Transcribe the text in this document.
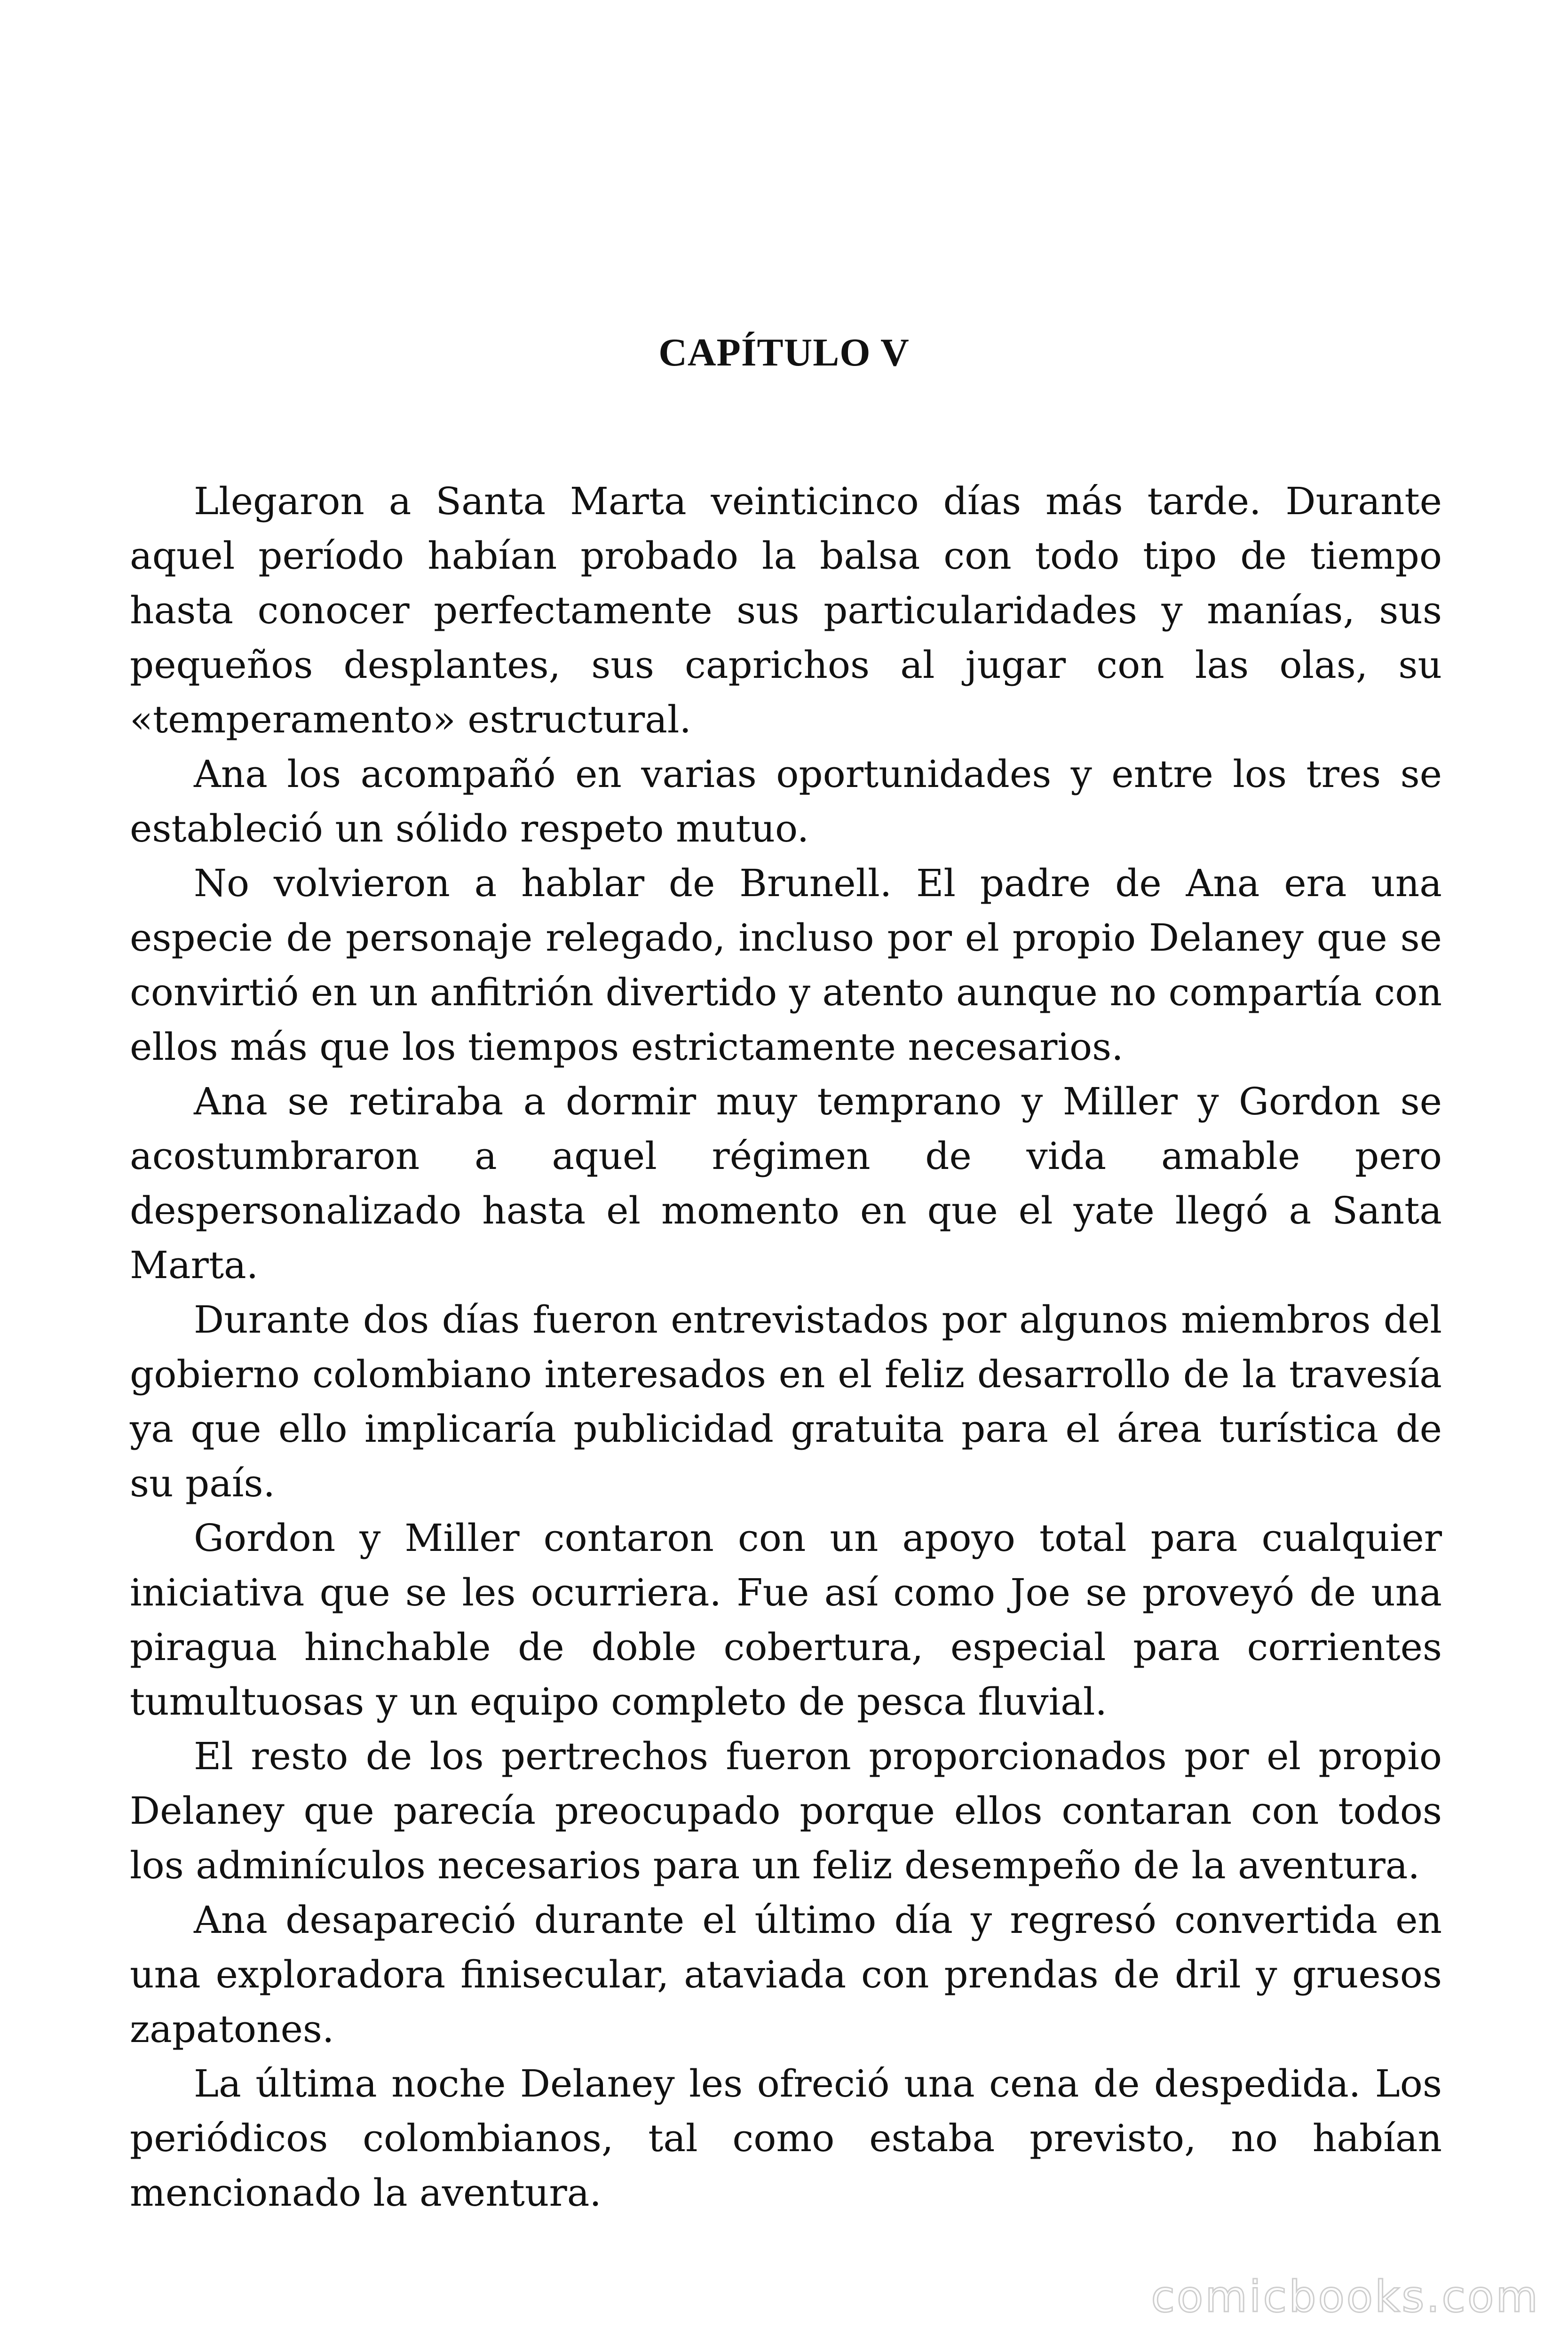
CAPÍTULO V

Llegaron a Santa Marta veinticinco días más tarde. Durante aquel período habían probado la balsa con todo tipo de tiempo hasta conocer perfectamente sus particularidades y manías, sus pequeños desplantes, sus caprichos al jugar con las olas, su «temperamento» estructural.

Ana los acompañó en varias oportunidades y entre los tres se estableció un sólido respeto mutuo.

No volvieron a hablar de Brunell. El padre de Ana era una especie de personaje relegado, incluso por el propio Delaney que se convirtió en un anfitrión divertido y atento aunque no compartía con ellos más que los tiempos estrictamente necesarios.

Ana se retiraba a dormir muy temprano y Miller y Gordon se acostumbraron a aquel régimen de vida amable pero despersonalizado hasta el momento en que el yate llegó a Santa Marta.

Durante dos días fueron entrevistados por algunos miembros del gobierno colombiano interesados en el feliz desarrollo de la travesía ya que ello implicaría publicidad gratuita para el área turística de su país.

Gordon y Miller contaron con un apoyo total para cualquier iniciativa que se les ocurriera. Fue así como Joe se proveyó de una piragua hinchable de doble cobertura, especial para corrientes tumultuosas y un equipo completo de pesca fluvial.

El resto de los pertrechos fueron proporcionados por el propio Delaney que parecía preocupado porque ellos contaran con todos los adminículos necesarios para un feliz desempeño de la aventura.

Ana desapareció durante el último día y regresó convertida en una exploradora finisecular, ataviada con prendas de dril y gruesos zapatones.

La última noche Delaney les ofreció una cena de despedida. Los periódicos colombianos, tal como estaba previsto, no habían mencionado la aventura.

comicbooks.com
